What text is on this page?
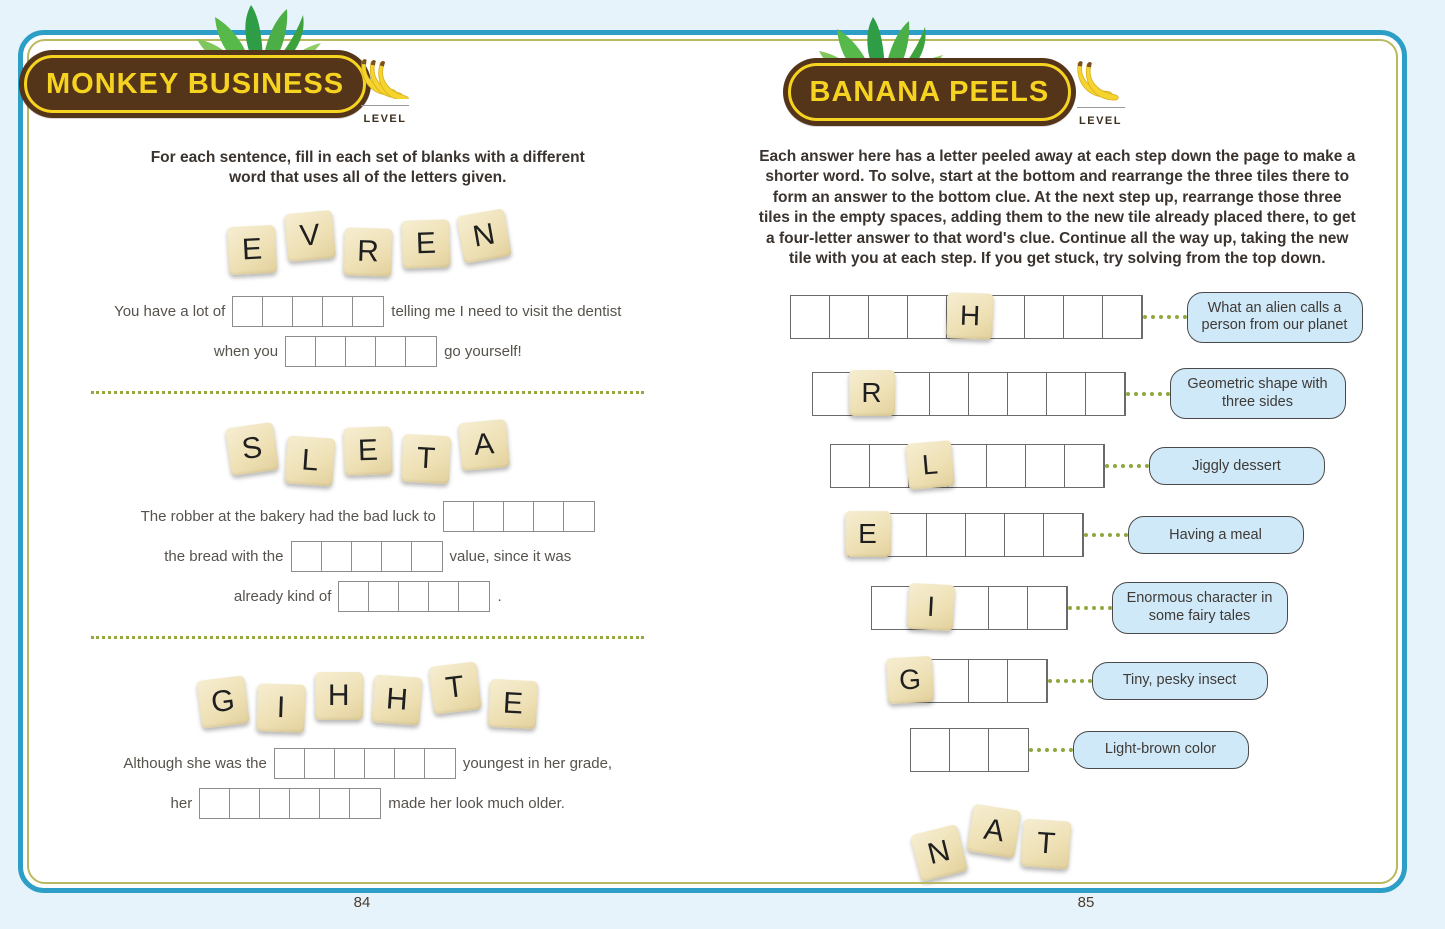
MONKEY BUSINESS
LEVEL

For each sentence, fill in each set of blanks with a different word that uses all of the letters given.

E	V	R	E	N
You have a lot of	telling me I need to visit the dentist
when you	go yourself!
S	L	E	T	A
The robber at the bakery had the bad luck to
the bread with the	value, since it was
already kind of	.
G	I	H	H	T	E
Although she was the	youngest in her grade,
her	made her look much older.
BANANA PEELS
LEVEL

Each answer here has a letter peeled away at each step down the page to make a shorter word. To solve, start at the bottom and rearrange the three tiles there to form an answer to the bottom clue. At the next step up, rearrange those three tiles in the empty spaces, adding them to the new tile already placed there, to get a four-letter answer to that word's clue. Continue all the way up, taking the new tile with you at each step. If you get stuck, try solving from the top down.

H	What an alien calls a person from our planet
R	Geometric shape with three sides
L	Jiggly dessert
E	Having a meal
I	Enormous character in some fairy tales
G	Tiny, pesky insect
Light-brown color
N
A T
84	85
